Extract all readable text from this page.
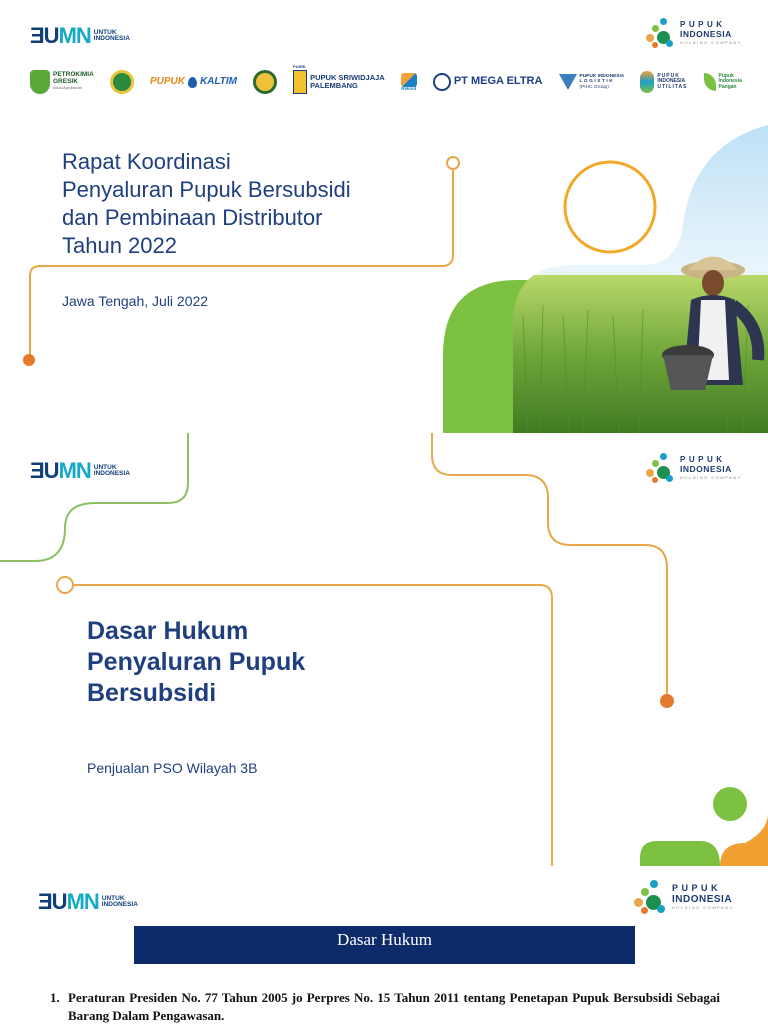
ƎUMN UNTUK
INDONESIA
PUPUK
INDONESIA
HOLDING COMPANY
PETROKIMIA
GRESIK
Solusi Agroindustri
PUPUK KALTIM
PUSRI
PUPUK SRIWIDJAJA
PALEMBANG	Rekind
PT MEGA ELTRA	PUPUK INDONESIA
LOGISTIK
(PIHC Group)
PUPUK
INDONESIA
UTILITAS
Pupuk
Indonesia
Pangan
Rapat Koordinasi
Penyaluran Pupuk Bersubsidi
dan Pembinaan Distributor
Tahun 2022
Jawa Tengah, Juli 2022
ƎUMN UNTUK
INDONESIA
PUPUK
INDONESIA
HOLDING COMPANY
Dasar Hukum
Penyaluran Pupuk
Bersubsidi
Penjualan PSO Wilayah 3B
ƎUMN UNTUK
INDONESIA
PUPUK
INDONESIA
HOLDING COMPANY
Dasar Hukum
1. Peraturan Presiden No. 77 Tahun 2005 jo Perpres No. 15 Tahun 2011 tentang Penetapan Pupuk Bersubsidi Sebagai Barang Dalam Pengawasan.
